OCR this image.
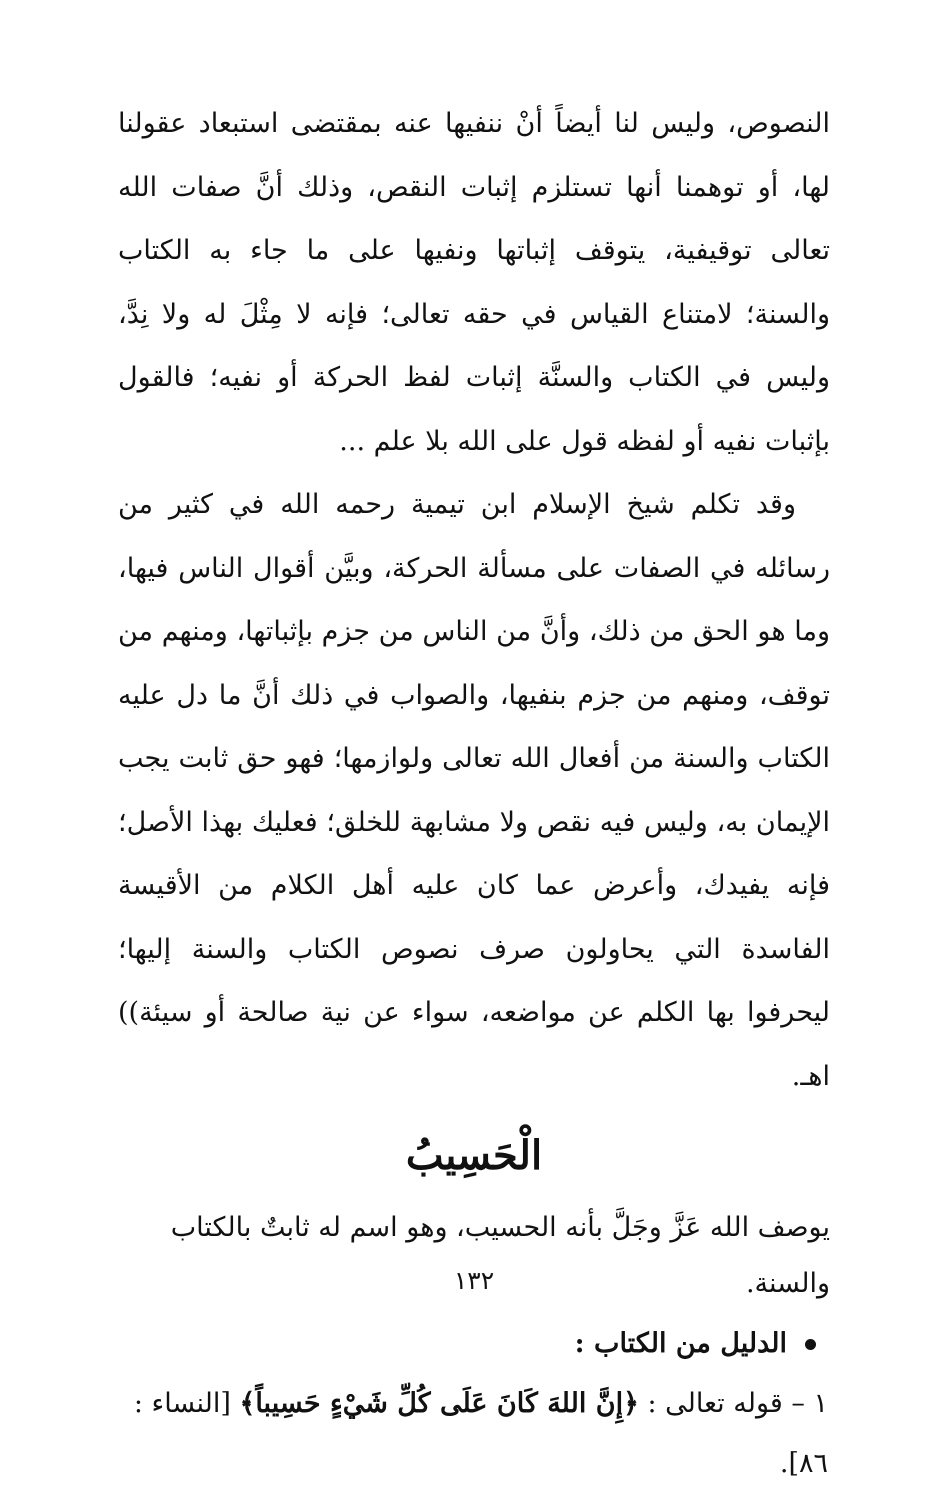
النصوص، وليس لنا أيضاً أنْ ننفيها عنه بمقتضى استبعاد عقولنا لها، أو توهمنا أنها تستلزم إثبات النقص، وذلك أنَّ صفات الله تعالى توقيفية، يتوقف إثباتها ونفيها على ما جاء به الكتاب والسنة؛ لامتناع القياس في حقه تعالى؛ فإنه لا مِثْلَ له ولا نِدَّ، وليس في الكتاب والسنَّة إثبات لفظ الحركة أو نفيه؛ فالقول بإثبات نفيه أو لفظه قول على الله بلا علم ...

وقد تكلم شيخ الإسلام ابن تيمية رحمه الله في كثير من رسائله في الصفات على مسألة الحركة، وبيَّن أقوال الناس فيها، وما هو الحق من ذلك، وأنَّ من الناس من جزم بإثباتها، ومنهم من توقف، ومنهم من جزم بنفيها، والصواب في ذلك أنَّ ما دل عليه الكتاب والسنة من أفعال الله تعالى ولوازمها؛ فهو حق ثابت يجب الإيمان به، وليس فيه نقص ولا مشابهة للخلق؛ فعليك بهذا الأصل؛ فإنه يفيدك، وأعرض عما كان عليه أهل الكلام من الأقيسة الفاسدة التي يحاولون صرف نصوص الكتاب والسنة إليها؛ ليحرفوا بها الكلم عن مواضعه، سواء عن نية صالحة أو سيئة)) اهـ.

الْحَسِيبُ

يوصف الله عَزَّ وجَلَّ بأنه الحسيب، وهو اسم له ثابتٌ بالكتاب والسنة.

الدليل من الكتاب :

١ – قوله تعالى : ﴿إِنَّ اللهَ كَانَ عَلَى كُلِّ شَيْءٍ حَسِيباً﴾ [النساء : ٨٦].

١٣٢
